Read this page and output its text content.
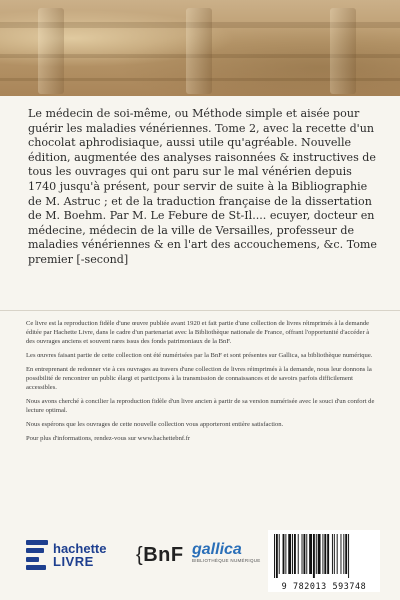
Le médecin de soi-même, ou Méthode simple et aisée pour guérir les maladies vénériennes. Tome 2, avec la recette d'un chocolat aphrodisiaque, aussi utile qu'agréable. Nouvelle édition, augmentée des analyses raisonnées & instructives de tous les ouvrages qui ont paru sur le mal vénérien depuis 1740 jusqu'à présent, pour servir de suite à la Bibliographie de M. Astruc ; et de la traduction française de la dissertation de M. Boehm. Par M. Le Febure de St-Il.... ecuyer, docteur en médecine, médecin de la ville de Versailles, professeur de maladies vénériennes & en l'art des accouchemens, &c. Tome premier [-second]

Ce livre est la reproduction fidèle d'une œuvre publiée avant 1920 et fait partie d'une collection de livres réimprimés à la demande éditée par Hachette Livre, dans le cadre d'un partenariat avec la Bibliothèque nationale de France, offrant l'opportunité d'accéder à des ouvrages anciens et souvent rares issus des fonds patrimoniaux de la BnF.

Les œuvres faisant partie de cette collection ont été numérisées par la BnF et sont présentes sur Gallica, sa bibliothèque numérique.

En entreprenant de redonner vie à ces ouvrages au travers d'une collection de livres réimprimés à la demande, nous leur donnons la possibilité de rencontrer un public élargi et participons à la transmission de connaissances et de savoirs parfois difficilement accessibles.

Nous avons cherché à concilier la reproduction fidèle d'un livre ancien à partir de sa version numérisée avec le souci d'un confort de lecture optimal.

Nous espérons que les ouvrages de cette nouvelle collection vous apporteront entière satisfaction.

Pour plus d'informations, rendez-vous sur www.hachettebnf.fr

hachette
LIVRE	{BnF gallica
BIBLIOTHÈQUE NUMÉRIQUE
9 782013 593748
